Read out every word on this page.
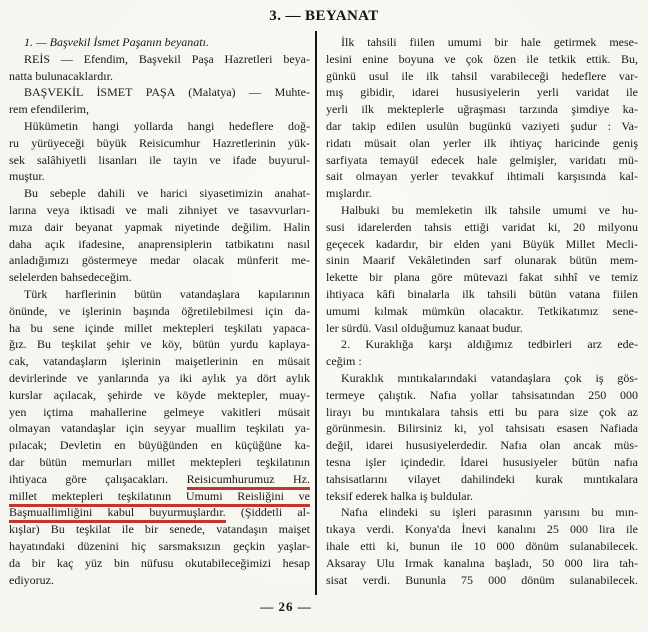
3. — BEYANAT
1. — Başvekil İsmet Paşanın beyanatı.
REİS — Efendim, Başvekil Paşa Hazretleri beya-
natta bulunacaklardır.
BAŞVEKİL İSMET PAŞA (Malatya) — Muhte-
rem efendilerim,
Hükümetin hangi yollarda hangi hedeflere doğ-
ru yürüyeceği büyük Reisicumhur Hazretlerinin yük-
sek salâhiyetli lisanları ile tayin ve ifade buyurul-
muştur.
Bu sebeple dahili ve harici siyasetimizin anahat-
larına veya iktisadi ve mali zihniyet ve tasavvurları-
mıza dair beyanat yapmak niyetinde değilim. Halin
daha açık ifadesine, anaprensiplerin tatbikatını nasıl
anladığımızı göstermeye medar olacak münferit me-
selelerden bahsedeceğim.
Türk harflerinin bütün vatandaşlara kapılarının
önünde, ve işlerinin başında öğretilebilmesi için da-
ha bu sene içinde millet mektepleri teşkilatı yapaca-
ğız. Bu teşkilat şehir ve köy, bütün yurdu kaplaya-
cak, vatandaşların işlerinin maişetlerinin en müsait
devirlerinde ve yanlarında ya iki aylık ya dört aylık
kurslar açılacak, şehirde ve köyde mektepler, muay-
yen içtima mahallerine gelmeye vakitleri müsait
olmayan vatandaşlar için seyyar muallim teşkilatı ya-
pılacak; Devletin en büyüğünden en küçüğüne ka-
dar bütün memurları millet mektepleri teşkilatının
ihtiyaca göre çalışacakları. Reisicumhurumuz Hz.
millet mektepleri teşkilatının Umumi Reisliğini ve
Başmuallimliğini kabul buyurmuşlardır. (Şiddetli al-
kışlar) Bu teşkilat ile bir senede, vatandaşın maişet
hayatındaki düzenini hiç sarsmaksızın geçkin yaşlar-
da bir kaç yüz bin nüfusu okutabileceğimizi hesap
ediyoruz.
İlk tahsili fiilen umumi bir hale getirmek mese-
lesini enine boyuna ve çok özen ile tetkik ettik. Bu,
günkü usul ile ilk tahsil varabileceği hedeflere var-
mış gibidir, idarei hususiyelerin yerli varidat ile
yerli ilk mekteplerle uğraşması tarzında şimdiye ka-
dar takip edilen usulün bugünkü vaziyeti şudur : Va-
ridatı müsait olan yerler ilk ihtiyaç haricinde geniş
sarfiyata temayül edecek hale gelmişler, varidatı mü-
sait olmayan yerler tevakkuf ihtimali karşısında kal-
mışlardır.
Halbuki bu memleketin ilk tahsile umumi ve hu-
susi idarelerden tahsis ettiği varidat ki, 20 milyonu
geçecek kadardır, bir elden yani Büyük Millet Mecli-
sinin Maarif Vekâletinden sarf olunarak bütün mem-
lekette bir plana göre mütevazi fakat sıhhî ve temiz
ihtiyaca kâfi binalarla ilk tahsili bütün vatana fiilen
umumi kılmak mümkün olacaktır. Tetkikatımız sene-
ler sürdü. Vasıl olduğumuz kanaat budur.
2. Kuraklığa karşı aldığımız tedbirleri arz ede-
ceğim :
Kuraklık mıntıkalarındaki vatandaşlara çok iş gös-
termeye çalıştık. Nafıa yollar tahsisatından 250 000
lirayı bu mıntıkalara tahsis etti bu para size çok az
görünmesin. Bilirsiniz ki, yol tahsisatı esasen Nafiada
değil, idarei hususiyelerdedir. Nafıa olan ancak müs-
tesna işler içindedir. İdarei hususiyeler bütün nafıa
tahsisatlarını vilayet dahilindeki kurak mıntıkalara
teksif ederek halka iş buldular.
Nafıa elindeki su işleri parasının yarısını bu mın-
tıkaya verdi. Konya'da İnevi kanalını 25 000 lira ile
ihale etti ki, bunun ile 10 000 dönüm sulanabilecek.
Aksaray Ulu Irmak kanalına başladı, 50 000 lira tah-
sisat verdi. Bununla 75 000 dönüm sulanabilecek.
— 26 —
